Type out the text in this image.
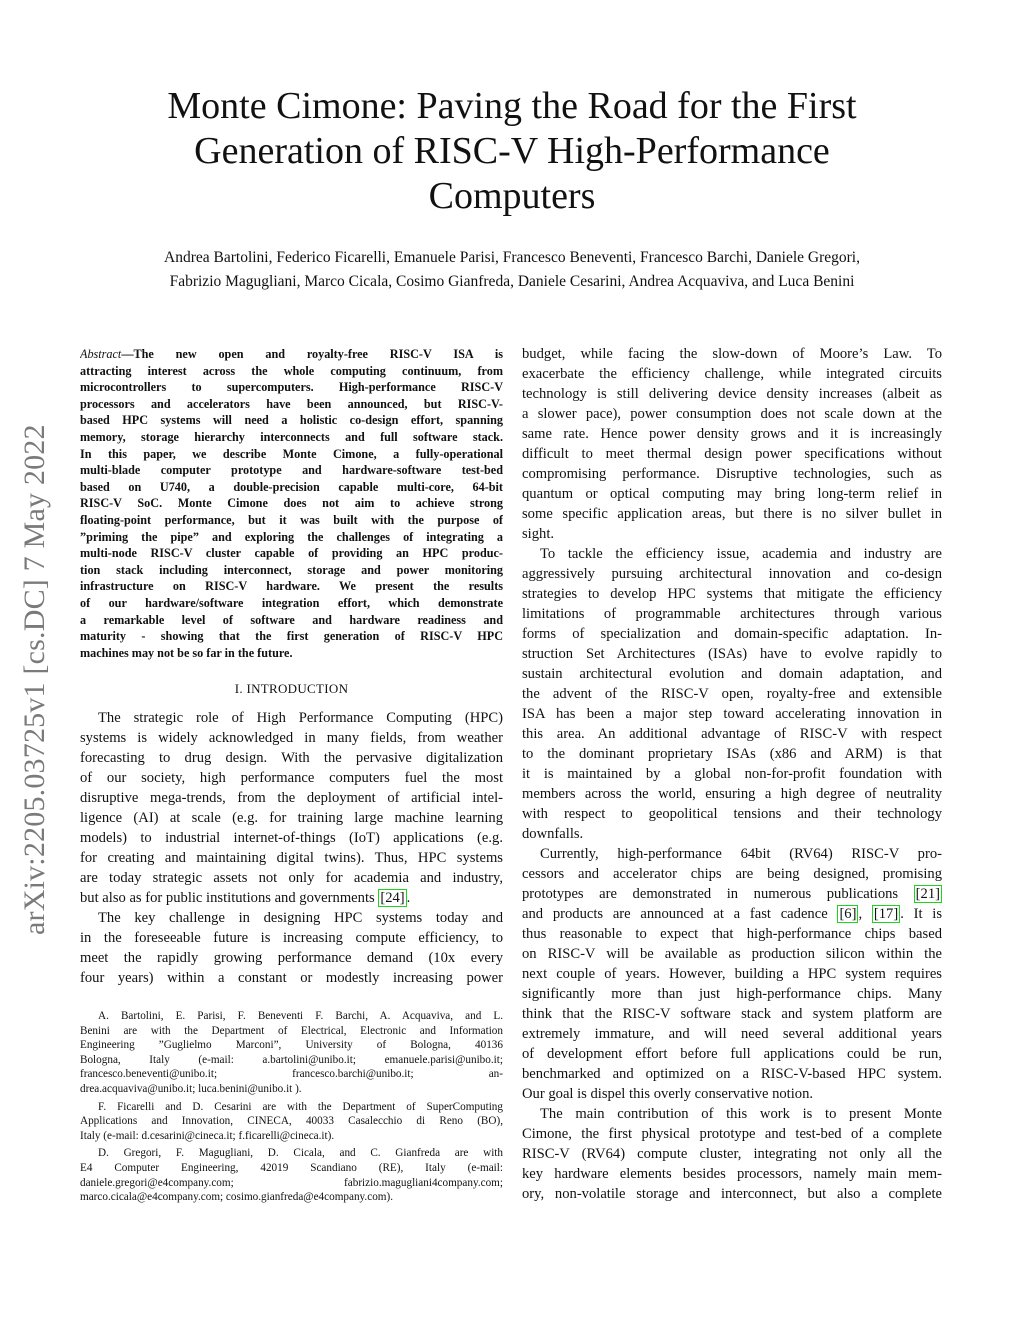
arXiv:2205.03725v1 [cs.DC] 7 May 2022
Monte Cimone: Paving the Road for the First
Generation of RISC-V High-Performance
Computers
Andrea Bartolini, Federico Ficarelli, Emanuele Parisi, Francesco Beneventi, Francesco Barchi, Daniele Gregori,
Fabrizio Magugliani, Marco Cicala, Cosimo Gianfreda, Daniele Cesarini, Andrea Acquaviva, and Luca Benini
Abstract—The new open and royalty-free RISC-V ISA is
attracting interest across the whole computing continuum, from
microcontrollers to supercomputers. High-performance RISC-V
processors and accelerators have been announced, but RISC-V-
based HPC systems will need a holistic co-design effort, spanning
memory, storage hierarchy interconnects and full software stack.
In this paper, we describe Monte Cimone, a fully-operational
multi-blade computer prototype and hardware-software test-bed
based on U740, a double-precision capable multi-core, 64-bit
RISC-V SoC. Monte Cimone does not aim to achieve strong
floating-point performance, but it was built with the purpose of
”priming the pipe” and exploring the challenges of integrating a
multi-node RISC-V cluster capable of providing an HPC produc-
tion stack including interconnect, storage and power monitoring
infrastructure on RISC-V hardware. We present the results
of our hardware/software integration effort, which demonstrate
a remarkable level of software and hardware readiness and
maturity - showing that the first generation of RISC-V HPC
machines may not be so far in the future.
I. INTRODUCTION
The strategic role of High Performance Computing (HPC)
systems is widely acknowledged in many fields, from weather
forecasting to drug design. With the pervasive digitalization
of our society, high performance computers fuel the most
disruptive mega-trends, from the deployment of artificial intel-
ligence (AI) at scale (e.g. for training large machine learning
models) to industrial internet-of-things (IoT) applications (e.g.
for creating and maintaining digital twins). Thus, HPC systems
are today strategic assets not only for academia and industry,
but also as for public institutions and governments [24] .
The key challenge in designing HPC systems today and
in the foreseeable future is increasing compute efficiency, to
meet the rapidly growing performance demand (10x every
four years) within a constant or modestly increasing power
A. Bartolini, E. Parisi, F. Beneventi F. Barchi, A. Acquaviva, and L.
Benini are with the Department of Electrical, Electronic and Information
Engineering ”Guglielmo Marconi”, University of Bologna, 40136
Bologna, Italy (e-mail: a.bartolini@unibo.it; emanuele.parisi@unibo.it;
francesco.beneventi@unibo.it; francesco.barchi@unibo.it; an-
drea.acquaviva@unibo.it; luca.benini@unibo.it ).
F. Ficarelli and D. Cesarini are with the Department of SuperComputing
Applications and Innovation, CINECA, 40033 Casalecchio di Reno (BO),
Italy (e-mail: d.cesarini@cineca.it; f.ficarelli@cineca.it).
D. Gregori, F. Magugliani, D. Cicala, and C. Gianfreda are with
E4 Computer Engineering, 42019 Scandiano (RE), Italy (e-mail:
daniele.gregori@e4company.com; fabrizio.magugliani4company.com;
marco.cicala@e4company.com; cosimo.gianfreda@e4company.com).
budget, while facing the slow-down of Moore’s Law. To
exacerbate the efficiency challenge, while integrated circuits
technology is still delivering device density increases (albeit as
a slower pace), power consumption does not scale down at the
same rate. Hence power density grows and it is increasingly
difficult to meet thermal design power specifications without
compromising performance. Disruptive technologies, such as
quantum or optical computing may bring long-term relief in
some specific application areas, but there is no silver bullet in
sight.
To tackle the efficiency issue, academia and industry are
aggressively pursuing architectural innovation and co-design
strategies to develop HPC systems that mitigate the efficiency
limitations of programmable architectures through various
forms of specialization and domain-specific adaptation. In-
struction Set Architectures (ISAs) have to evolve rapidly to
sustain architectural evolution and domain adaptation, and
the advent of the RISC-V open, royalty-free and extensible
ISA has been a major step toward accelerating innovation in
this area. An additional advantage of RISC-V with respect
to the dominant proprietary ISAs (x86 and ARM) is that
it is maintained by a global non-for-profit foundation with
members across the world, ensuring a high degree of neutrality
with respect to geopolitical tensions and their technology
downfalls.
Currently, high-performance 64bit (RV64) RISC-V pro-
cessors and accelerator chips are being designed, promising
prototypes are demonstrated in numerous publications [21]
and products are announced at a fast cadence [6] , [17] . It is
thus reasonable to expect that high-performance chips based
on RISC-V will be available as production silicon within the
next couple of years. However, building a HPC system requires
significantly more than just high-performance chips. Many
think that the RISC-V software stack and system platform are
extremely immature, and will need several additional years
of development effort before full applications could be run,
benchmarked and optimized on a RISC-V-based HPC system.
Our goal is dispel this overly conservative notion.
The main contribution of this work is to present Monte
Cimone, the first physical prototype and test-bed of a complete
RISC-V (RV64) compute cluster, integrating not only all the
key hardware elements besides processors, namely main mem-
ory, non-volatile storage and interconnect, but also a complete
